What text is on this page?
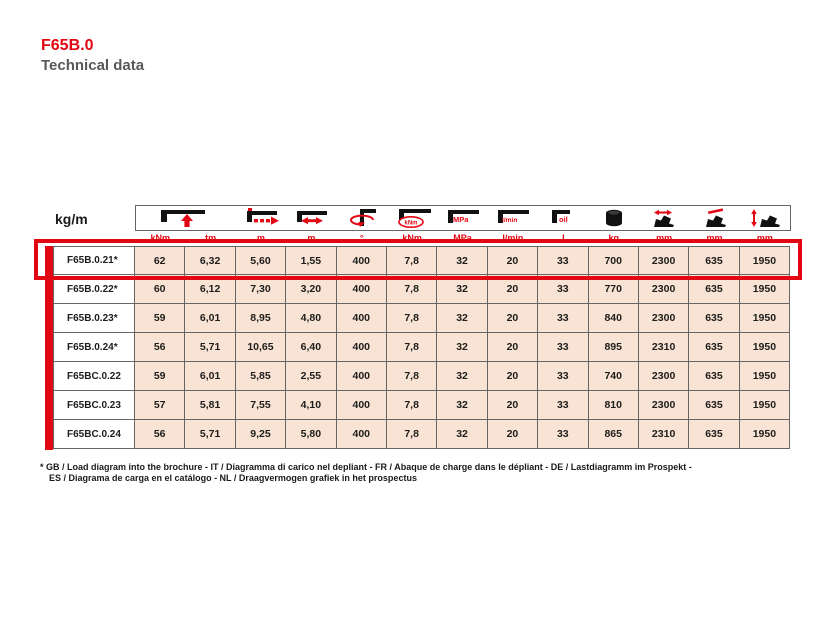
F65B.0
Technical data
kg/m	kNm	MPa	l/min	oil
kNm	tm	m	m	°	kNm	MPa	l/min	l	kg	mm	mm	mm
F65B.0.21*	62	6,32	5,60	1,55	400	7,8	32	20	33	700	2300	635	1950
F65B.0.22*	60	6,12	7,30	3,20	400	7,8	32	20	33	770	2300	635	1950
F65B.0.23*	59	6,01	8,95	4,80	400	7,8	32	20	33	840	2300	635	1950
F65B.0.24*	56	5,71	10,65	6,40	400	7,8	32	20	33	895	2310	635	1950
F65BC.0.22	59	6,01	5,85	2,55	400	7,8	32	20	33	740	2300	635	1950
F65BC.0.23	57	5,81	7,55	4,10	400	7,8	32	20	33	810	2300	635	1950
F65BC.0.24	56	5,71	9,25	5,80	400	7,8	32	20	33	865	2310	635	1950
* GB / Load diagram into the brochure - IT / Diagramma di carico nel depliant - FR / Abaque de charge dans le dépliant - DE / Lastdiagramm im Prospekt -
ES / Diagrama de carga en el catálogo - NL / Draagvermogen grafiek in het prospectus
